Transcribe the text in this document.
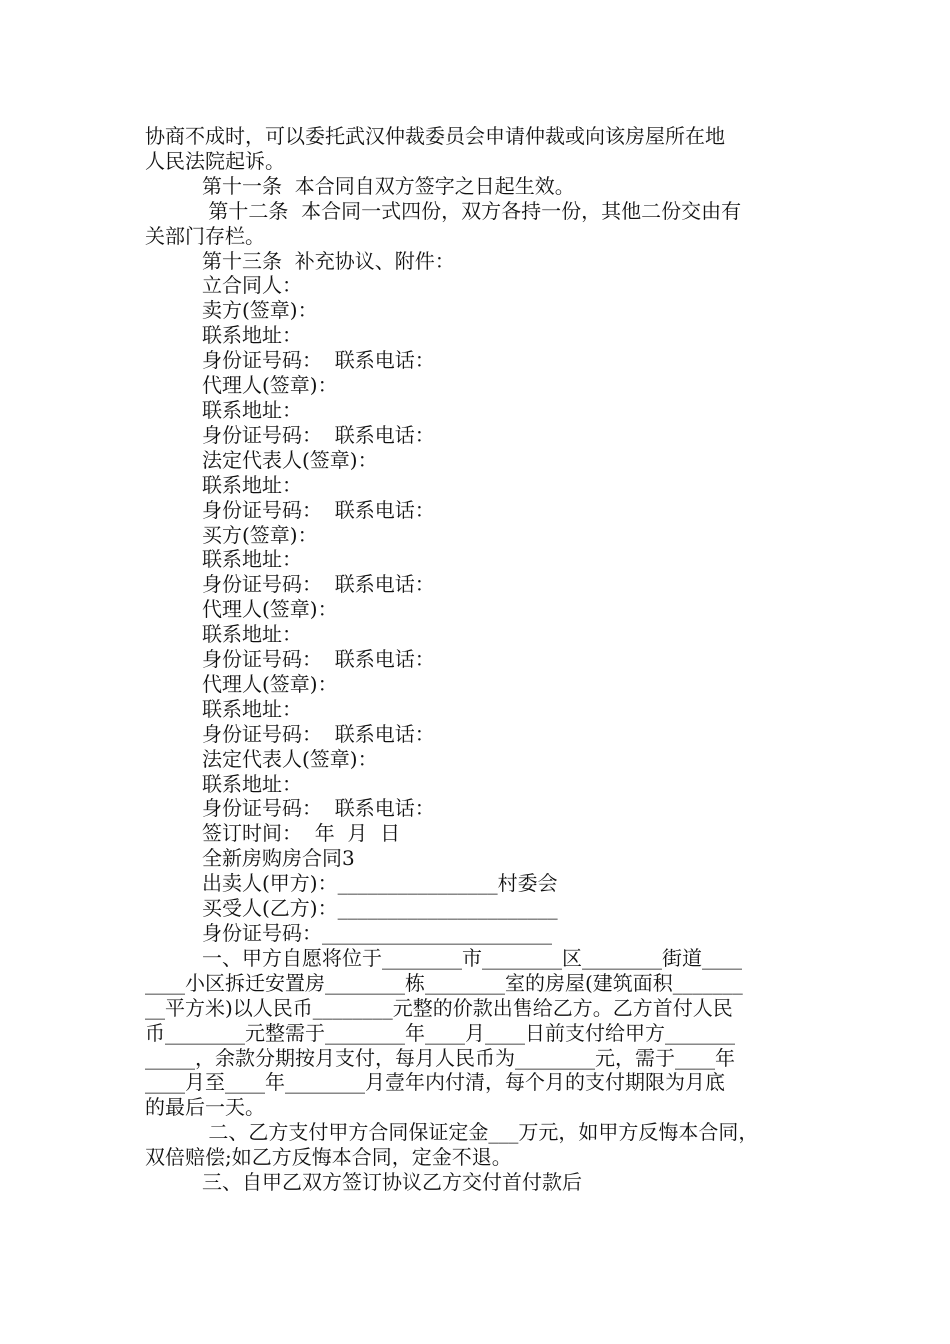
协商不成时，可以委托武汉仲裁委员会申请仲裁或向该房屋所在地

人民法院起诉。

第十一条  本合同自双方签字之日起生效。

第十二条  本合同一式四份，双方各持一份，其他二份交由有

关部门存栏。

第十三条  补充协议、附件：

立合同人：

卖方(签章)：

联系地址：

身份证号码：  联系电话：

代理人(签章)：

联系地址：

身份证号码：  联系电话：

法定代表人(签章)：

联系地址：

身份证号码：  联系电话：

买方(签章)：

联系地址：

身份证号码：  联系电话：

代理人(签章)：

联系地址：

身份证号码：  联系电话：

代理人(签章)：

联系地址：

身份证号码：  联系电话：

法定代表人(签章)：

联系地址：

身份证号码：  联系电话：

签订时间：  年  月  日

全新房购房合同3

出卖人(甲方)：________________村委会

买受人(乙方)：______________________

身份证号码：_______________________

一、甲方自愿将位于________市________区________街道____

____小区拆迁安置房________栋________室的房屋(建筑面积_______

__平方米)以人民币________元整的价款出售给乙方。乙方首付人民

币________元整需于________年____月____日前支付给甲方_______

_____，余款分期按月支付，每月人民币为________元，需于____年

____月至____年________月壹年内付清，每个月的支付期限为月底

的最后一天。

二、乙方支付甲方合同保证定金___万元，如甲方反悔本合同，

双倍赔偿;如乙方反悔本合同，定金不退。

三、自甲乙双方签订协议乙方交付首付款后
